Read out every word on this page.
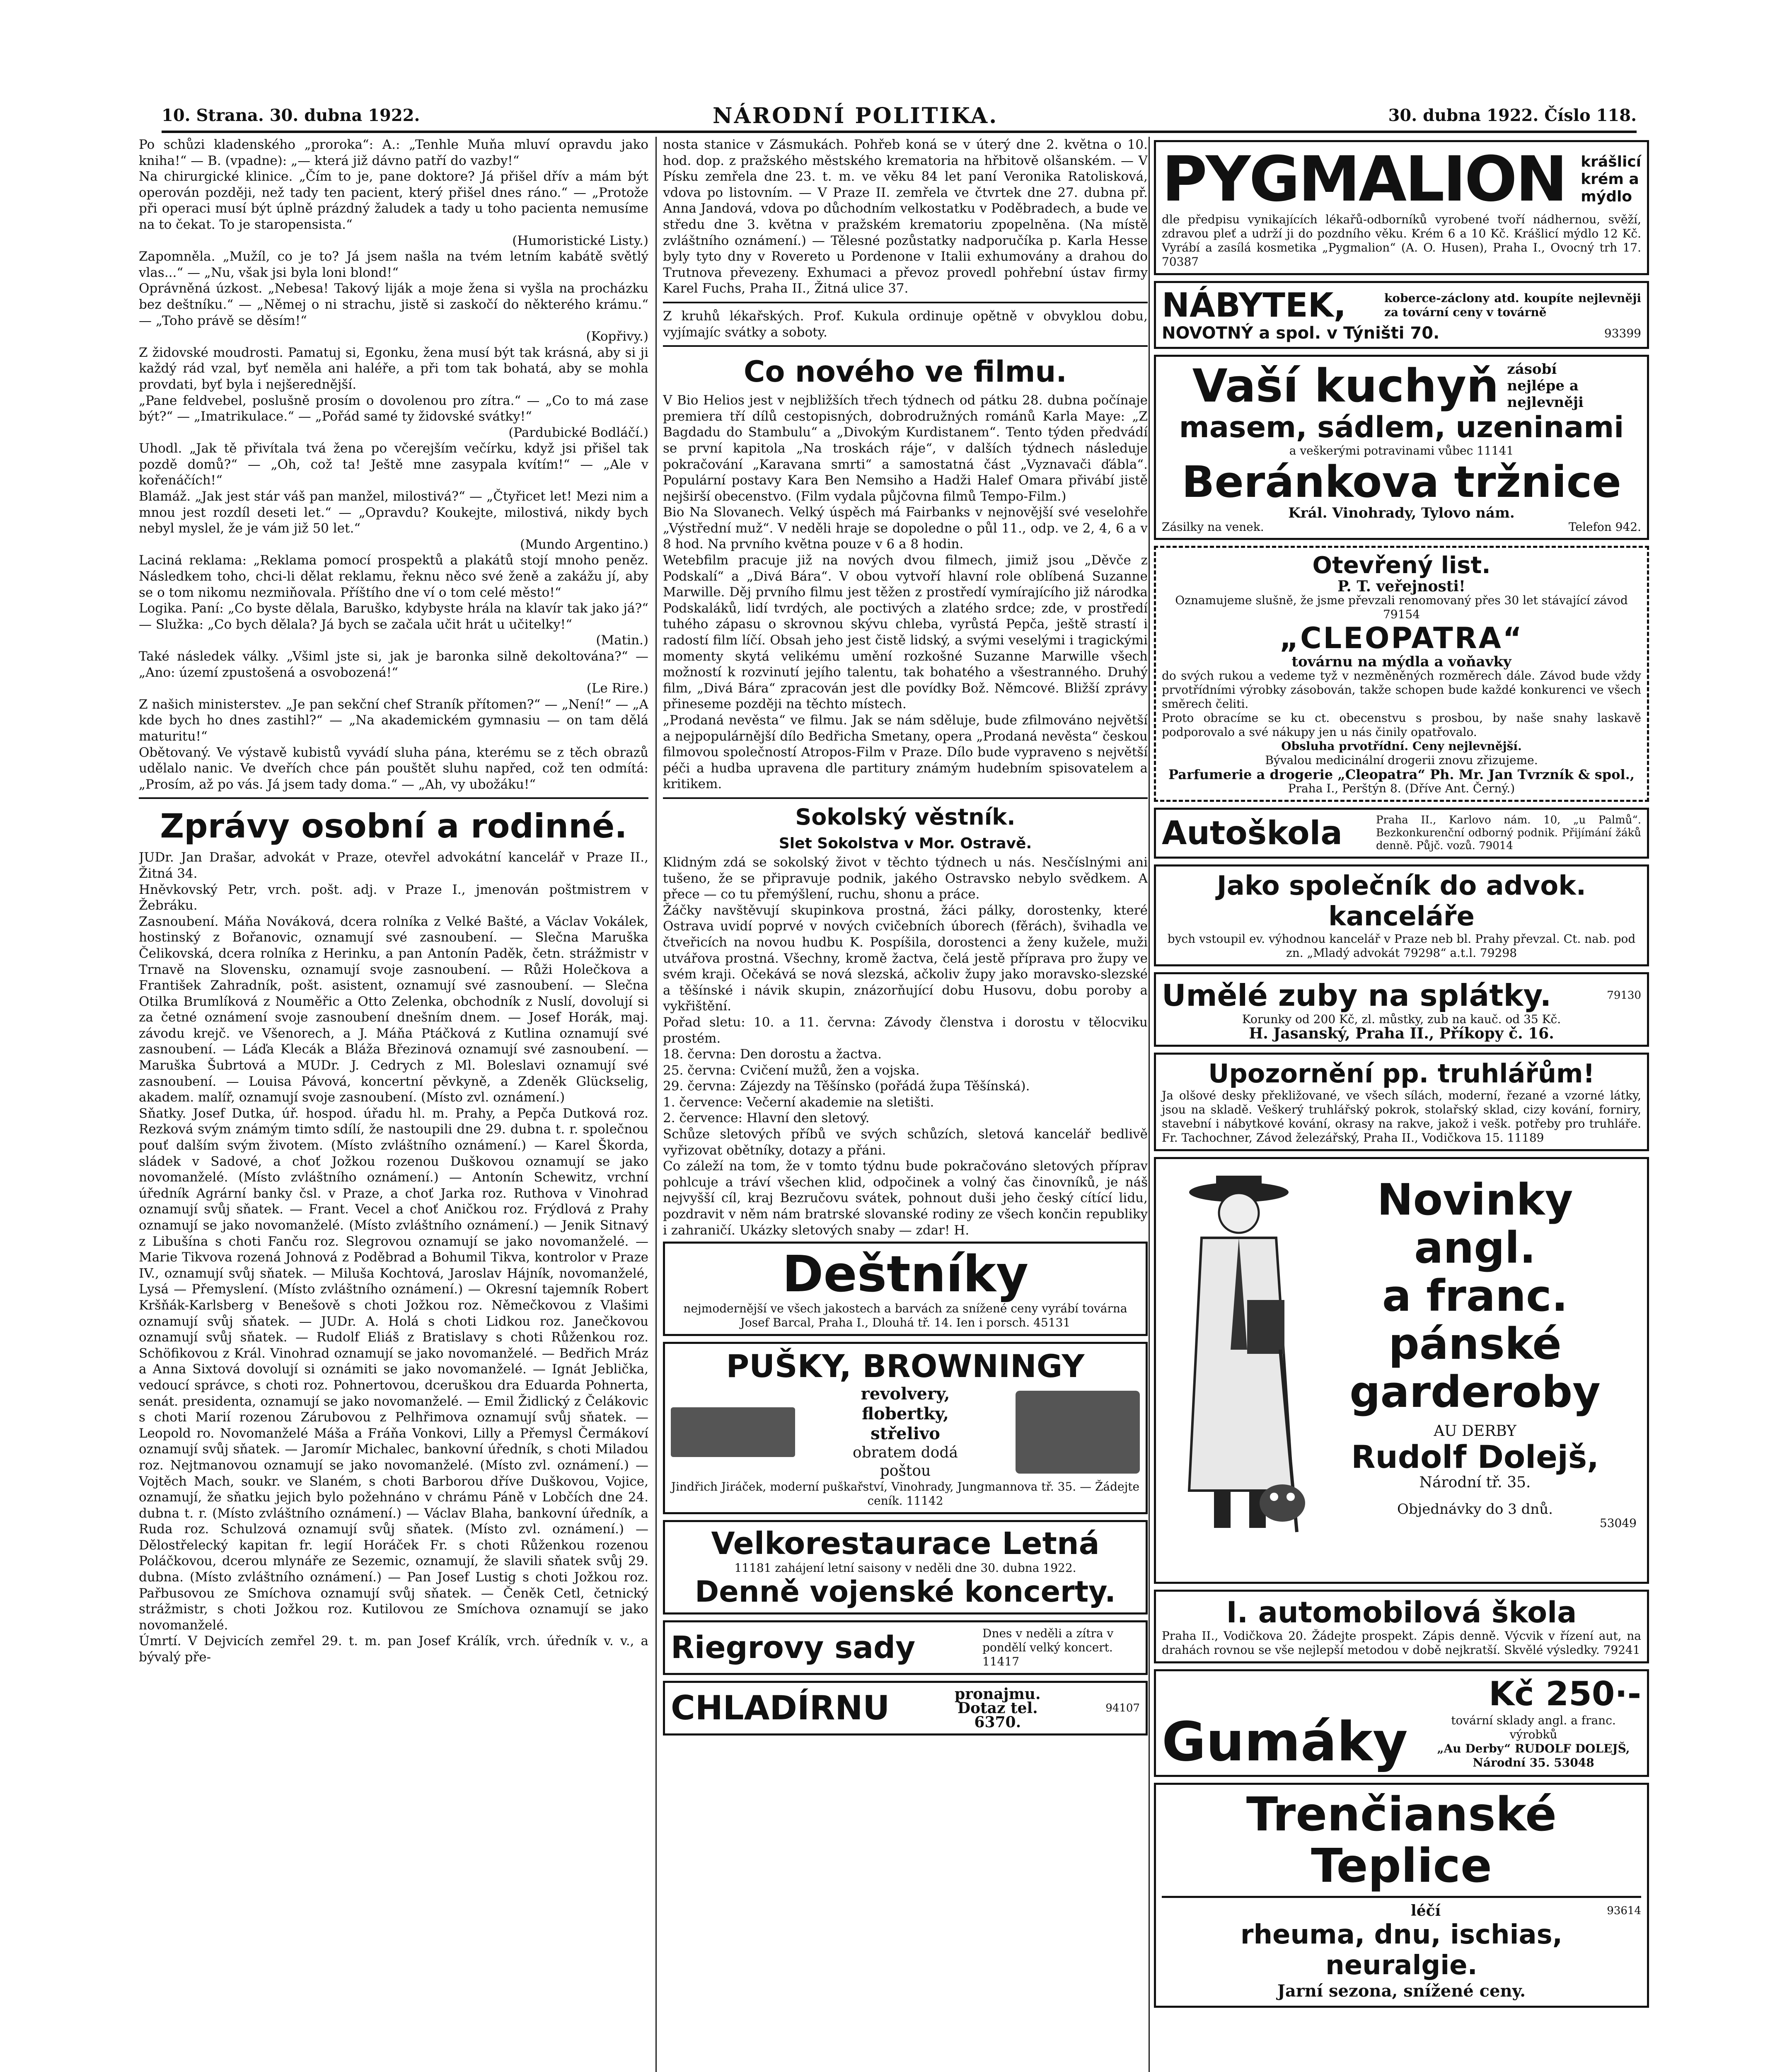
10. Strana. 30. dubna 1922.	NÁRODNÍ POLITIKA.	30. dubna 1922. Číslo 118.

Po schůzi kladenského „proroka“: A.: „Tenhle Muňa mluví opravdu jako kniha!“ — B. (vpadne): „— která již dávno patří do vazby!“

Na chirurgické klinice. „Čím to je, pane doktore? Já přišel dřív a mám být operován později, než tady ten pacient, který přišel dnes ráno.“ — „Protože při operaci musí být úplně prázdný žaludek a tady u toho pacienta nemusíme na to čekat. To je staropensista.“

(Humoristické Listy.)

Zapomněla. „Mužíl, co je to? Já jsem našla na tvém letním kabátě světlý vlas...“ — „Nu, však jsi byla loni blond!“

Oprávněná úzkost. „Nebesa! Takový liják a moje žena si vyšla na procházku bez deštníku.“ — „Němej o ni strachu, jistě si zaskočí do některého krámu.“ — „Toho právě se děsím!“

(Kopřivy.)

Z židovské moudrosti. Pamatuj si, Egonku, žena musí být tak krásná, aby si ji každý rád vzal, byť neměla ani haléře, a při tom tak bohatá, aby se mohla provdati, byť byla i nejšerednější.

„Pane feldvebel, poslušně prosím o dovolenou pro zítra.“ — „Co to má zase být?“ — „Imatrikulace.“ — „Pořád samé ty židovské svátky!“

(Pardubické Bodláčí.)

Uhodl. „Jak tě přivítala tvá žena po včerejším večírku, když jsi přišel tak pozdě domů?“ — „Oh, což ta! Ještě mne zasypala kvítím!“ — „Ale v kořenáčích!“

Blamáž. „Jak jest stár váš pan manžel, milostivá?“ — „Čtyřicet let! Mezi nim a mnou jest rozdíl deseti let.“ — „Opravdu? Koukejte, milostivá, nikdy bych nebyl myslel, že je vám již 50 let.“

(Mundo Argentino.)

Laciná reklama: „Reklama pomocí prospektů a plakátů stojí mnoho peněz. Následkem toho, chci-li dělat reklamu, řeknu něco své ženě a zakážu jí, aby se o tom nikomu nezmiňovala. Příštího dne ví o tom celé město!“

Logika. Paní: „Co byste dělala, Baruško, kdybyste hrála na klavír tak jako já?“ — Služka: „Co bych dělala? Já bych se začala učit hrát u učitelky!“

(Matin.)

Také následek války. „Všiml jste si, jak je baronka silně dekoltována?“ — „Ano: území zpustošená a osvobozená!“

(Le Rire.)

Z našich ministerstev. „Je pan sekční chef Straník přítomen?“ — „Není!“ — „A kde bych ho dnes zastihl?“ — „Na akademickém gymnasiu — on tam dělá maturitu!“

Obětovaný. Ve výstavě kubistů vyvádí sluha pána, kterému se z těch obrazů udělalo nanic. Ve dveřích chce pán pouštět sluhu napřed, což ten odmítá: „Prosím, až po vás. Já jsem tady doma.“ — „Ah, vy ubožáku!“

Zprávy osobní a rodinné.

JUDr. Jan Drašar, advokát v Praze, otevřel advokátní kancelář v Praze II., Žitná 34.

Hněvkovský Petr, vrch. pošt. adj. v Praze I., jmenován poštmistrem v Žebráku.

Zasnoubení. Máňa Nováková, dcera rolníka z Velké Bašté, a Václav Vokálek, hostinský z Bořanovic, oznamují své zasnoubení. — Slečna Maruška Čelikovská, dcera rolníka z Herinku, a pan Antonín Paděk, četn. strážmistr v Trnavě na Slovensku, oznamují svoje zasnoubení. — Růži Holečkova a František Zahradník, pošt. asistent, oznamují své zasnoubení. — Slečna Otilka Brumlíková z Nouměřic a Otto Zelenka, obchodník z Nuslí, dovolují si za četné oznámení svoje zasnoubení dnešním dnem. — Josef Horák, maj. závodu krejč. ve Všenorech, a J. Máňa Ptáčková z Kutlina oznamují své zasnoubení. — Láďa Klecák a Bláža Březinová oznamují své zasnoubení. — Maruška Šubrtová a MUDr. J. Cedrych z Ml. Boleslavi oznamují své zasnoubení. — Louisa Pávová, koncertní pěvkyně, a Zdeněk Glückselig, akadem. malíř, oznamují svoje zasnoubení. (Místo zvl. oznámení.)

Sňatky. Josef Dutka, úř. hospod. úřadu hl. m. Prahy, a Pepča Dutková roz. Rezková svým známým timto sdílí, že nastoupili dne 29. dubna t. r. společnou pouť dalším svým životem. (Místo zvláštního oznámení.) — Karel Škorda, sládek v Sadové, a choť Jožkou rozenou Duškovou oznamují se jako novomanželé. (Místo zvláštního oznámení.) — Antonín Schewitz, vrchní úředník Agrární banky čsl. v Praze, a choť Jarka roz. Ruthova v Vinohrad oznamují svůj sňatek. — Frant. Vecel a choť Aničkou roz. Frýdlová z Prahy oznamují se jako novomanželé. (Místo zvláštního oznámení.) — Jenik Sitnavý z Libušína s choti Fanču roz. Slegrovou oznamují se jako novomanželé. — Marie Tikvova rozená Johnová z Poděbrad a Bohumil Tikva, kontrolor v Praze IV., oznamují svůj sňatek. — Miluša Kochtová, Jaroslav Hájník, novomanželé, Lysá — Přemyslení. (Místo zvláštního oznámení.) — Okresní tajemník Robert Kršňák-Karlsberg v Benešově s choti Jožkou roz. Němečkovou z Vlašimi oznamují svůj sňatek. — JUDr. A. Holá s choti Lidkou roz. Janečkovou oznamují svůj sňatek. — Rudolf Eliáš z Bratislavy s choti Růženkou roz. Schöfikovou z Král. Vinohrad oznamují se jako novomanželé. — Bedřich Mráz a Anna Sixtová dovolují si oznámiti se jako novomanželé. — Ignát Jeblička, vedoucí správce, s choti roz. Pohnertovou, dceruškou dra Eduarda Pohnerta, senát. presidenta, oznamují se jako novomanželé. — Emil Židlický z Čelákovic s choti Marií rozenou Zárubovou z Pelhřimova oznamují svůj sňatek. — Leopold ro. Novomanželé Máša a Fráňa Vonkovi, Lilly a Přemysl Čermákoví oznamují svůj sňatek. — Jaromír Michalec, bankovní úředník, s choti Miladou roz. Nejtmanovou oznamují se jako novomanželé. (Místo zvl. oznámení.) — Vojtěch Mach, soukr. ve Slaném, s choti Barborou dříve Duškovou, Vojice, oznamují, že sňatku jejich bylo požehnáno v chrámu Páně v Lobčích dne 24. dubna t. r. (Místo zvláštního oznámení.) — Václav Blaha, bankovní úředník, a Ruda roz. Schulzová oznamují svůj sňatek. (Místo zvl. oznámení.) — Dělostřelecký kapitan fr. legií Horáček Fr. s choti Růženkou rozenou Poláčkovou, dcerou mlynáře ze Sezemic, oznamují, že slavili sňatek svůj 29. dubna. (Místo zvláštního oznámení.) — Pan Josef Lustig s choti Jožkou roz. Pařbusovou ze Smíchova oznamují svůj sňatek. — Čeněk Cetl, četnický strážmistr, s choti Jožkou roz. Kutilovou ze Smíchova oznamují se jako novomanželé.

Úmrtí. V Dejvicích zemřel 29. t. m. pan Josef Králík, vrch. úředník v. v., a bývalý pře-

nosta stanice v Zásmukách. Pohřeb koná se v úterý dne 2. května o 10. hod. dop. z pražského městského krematoria na hřbitově olšanském. — V Písku zemřela dne 23. t. m. ve věku 84 let paní Veronika Ratolisková, vdova po listovním. — V Praze II. zemřela ve čtvrtek dne 27. dubna př. Anna Jandová, vdova po důchodním velkostatku v Poděbradech, a bude ve středu dne 3. května v pražském krematoriu zpopelněna. (Na místě zvláštního oznámení.) — Tělesné pozůstatky nadporučíka p. Karla Hesse byly tyto dny v Rovereto u Pordenone v Italii exhumovány a drahou do Trutnova převezeny. Exhumaci a převoz provedl pohřební ústav firmy Karel Fuchs, Praha II., Žitná ulice 37.

Z kruhů lékařských. Prof. Kukula ordinuje opětně v obvyklou dobu, vyjímajíc svátky a soboty.

Co nového ve filmu.

V Bio Helios jest v nejbližších třech týdnech od pátku 28. dubna počínaje premiera tří dílů cestopisných, dobrodružných románů Karla Maye: „Z Bagdadu do Stambulu“ a „Divokým Kurdistanem“. Tento týden předvádí se první kapitola „Na troskách ráje“, v dalších týdnech následuje pokračování „Karavana smrti“ a samostatná část „Vyznavači ďábla“. Populární postavy Kara Ben Nemsiho a Hadži Halef Omara přivábí jistě nejširší obecenstvo. (Film vydala půjčovna filmů Tempo-Film.)

Bio Na Slovanech. Velký úspěch má Fairbanks v nejnovější své veselohře „Výstřední muž“. V neděli hraje se dopoledne o půl 11., odp. ve 2, 4, 6 a v 8 hod. Na prvního května pouze v 6 a 8 hodin.

Wetebfilm pracuje již na nových dvou filmech, jimiž jsou „Děvče z Podskalí“ a „Divá Bára“. V obou vytvoří hlavní role oblíbená Suzanne Marwille. Děj prvního filmu jest těžen z prostředí vymírajícího již národka Podskaláků, lidí tvrdých, ale poctivých a zlatého srdce; zde, v prostředí tuhého zápasu o skrovnou skývu chleba, vyrůstá Pepča, ještě strastí i radostí film líčí. Obsah jeho jest čistě lidský, a svými veselými i tragickými momenty skytá velikému umění rozkošné Suzanne Marwille všech možností k rozvinutí jejího talentu, tak bohatého a všestranného. Druhý film, „Divá Bára“ zpracován jest dle povídky Bož. Němcové. Bližší zprávy přineseme později na těchto místech.

„Prodaná nevěsta“ ve filmu. Jak se nám sděluje, bude zfilmováno největší a nejpopulárnější dílo Bedřicha Smetany, opera „Prodaná nevěsta“ českou filmovou společností Atropos-Film v Praze. Dílo bude vypraveno s největší péči a hudba upravena dle partitury známým hudebním spisovatelem a kritikem.

Sokolský věstník.
Slet Sokolstva v Mor. Ostravě.

Klidným zdá se sokolský život v těchto týdnech u nás. Nesčíslnými ani tušeno, že se připravuje podnik, jakého Ostravsko nebylo svědkem. A přece — co tu přemýšlení, ruchu, shonu a práce.

Žáčky navštěvují skupinkova prostná, žáci pálky, dorostenky, které Ostrava uvidí poprvé v nových cvičebních úborech (fěrách), švihadla ve čtveřicích na novou hudbu K. Pospíšila, dorostenci a ženy kužele, muži utvářova prostná. Všechny, kromě žactva, čelá jestě příprava pro župy ve svém kraji. Očekává se nová slezská, ačkoliv župy jako moravsko-slezské a těšínské i návik skupin, znázorňující dobu Husovu, dobu poroby a vykřištění.

Pořad sletu: 10. a 11. června: Závody členstva i dorostu v tělocviku prostém.

18. června: Den dorostu a žactva.

25. června: Cvičení mužů, žen a vojska.

29. června: Zájezdy na Těšínsko (pořádá župa Těšínská).

1. července: Večerní akademie na sletišti.

2. července: Hlavní den sletový.

Schůze sletových příbů ve svých schůzích, sletová kancelář bedlivě vyřizovat obětníky, dotazy a přáni.

Co záleží na tom, že v tomto týdnu bude pokračováno sletových příprav pohlcuje a tráví všechen klid, odpočinek a volný čas činovníků, je náš nejvyšší cíl, kraj Bezručovu svátek, pohnout duši jeho český cítící lidu, pozdravit v něm nám bratrské slovanské rodiny ze všech končin republiky i zahraničí. Ukázky sletových snaby — zdar! H.

Deštníky

nejmodernější ve všech jakostech a barvách za snížené ceny vyrábí továrna Josef Barcal, Praha I., Dlouhá tř. 14. Ien i porsch. 45131

PUŠKY, BROWNINGY

revolvery, flobertky, střelivo

obratem dodá poštou

Jindřich Jiráček, moderní puškařství, Vinohrady, Jungmannova tř. 35. — Žádejte ceník. 11142

Velkorestaurace Letná

11181 zahájení letní saisony v neděli dne 30. dubna 1922.

Denně vojenské koncerty.
Riegrovy sady	Dnes v neděli a zítra v pondělí velký koncert. 11417

CHLADÍRNU	pronajmu. Dotaz tel. 6370.

94107
PYGMALION krášlicí
krém a
mýdlo

dle předpisu vynikajících lékařů-odborníků vyrobené tvoří nádhernou, svěží, zdravou pleť a udrží ji do pozdního věku. Krém 6 a 10 Kč. Krášlicí mýdlo 12 Kč. Vyrábí a zasílá kosmetika „Pygmalion“ (A. O. Husen), Praha I., Ovocný trh 17. 70387

NÁBYTEK,	koberce-záclony atd. koupíte nejlevněji za tovární ceny v továrně

NOVOTNÝ a spol. v Týništi 70.	93399
Vaší kuchyň zásobí nejlépe a nejlevněji
masem, sádlem, uzeninami

a veškerými potravinami vůbec 11141

Beránkova tržnice

Král. Vinohrady, Tylovo nám.

Zásilky na venek.	Telefon 942.
Otevřený list.

P. T. veřejnosti!

Oznamujeme slušně, že jsme převzali renomovaný přes 30 let stávající závod 79154

„CLEOPATRA“

továrnu na mýdla a voňavky

do svých rukou a vedeme tyž v nezměněných rozměrech dále. Závod bude vždy prvotřídními výrobky zásobován, takže schopen bude každé konkurenci ve všech směrech čeliti.

Proto obracíme se ku ct. obecenstvu s prosbou, by naše snahy laskavě podporovalo a své nákupy jen u nás činily opatřovalo.

Obsluha prvotřídní. Ceny nejlevnější.

Bývalou medicinální drogerii znovu zřizujeme.

Parfumerie a drogerie „Cleopatra“ Ph. Mr. Jan Tvrzník & spol.,

Praha I., Perštýn 8. (Dříve Ant. Černý.)

Autoškola	Praha II., Karlovo nám. 10, „u Palmů“. Bezkonkurenční odborný podnik. Přijímání žáků denně. Půjč. vozů. 79014

Jako společník do advok. kanceláře

bych vstoupil ev. výhodnou kancelář v Praze neb bl. Prahy převzal. Ct. nab. pod zn. „Mladý advokát 79298“ a.t.l. 79298

Umělé zuby na splátky.	79130

Korunky od 200 Kč, zl. můstky, zub na kauč. od 35 Kč.

H. Jasanský, Praha II., Příkopy č. 16.

Upozornění pp. truhlářům!

Ja olšové desky překližované, ve všech sílách, moderní, řezané a vzorné látky, jsou na skladě. Veškerý truhlářský pokrok, stolařský sklad, cizy kování, forniry, stavební i nábytkové kování, okrasy na rakve, jakož i vešk. potřeby pro truhláře. Fr. Tachochner, Závod železářský, Praha II., Vodičkova 15. 11189

Novinky
angl.
a franc.
pánské
garderoby

AU DERBY

Rudolf Dolejš,

Národní tř. 35.

Objednávky do 3 dnů.

53049

I. automobilová škola

Praha II., Vodičkova 20. Žádejte prospekt. Zápis denně. Výcvik v řízení aut, na drahách rovnou se vše nejlepší metodou v době nejkratší. Skvělé výsledky. 79241

Kč 250·-
Gumáky	tovární sklady angl. a franc. výrobků

„Au Derby“ RUDOLF DOLEJŠ, Národní 35. 53048

Trenčianské Teplice
léčí	93614
rheuma, dnu, ischias,
neuralgie.

Jarní sezona, snížené ceny.
